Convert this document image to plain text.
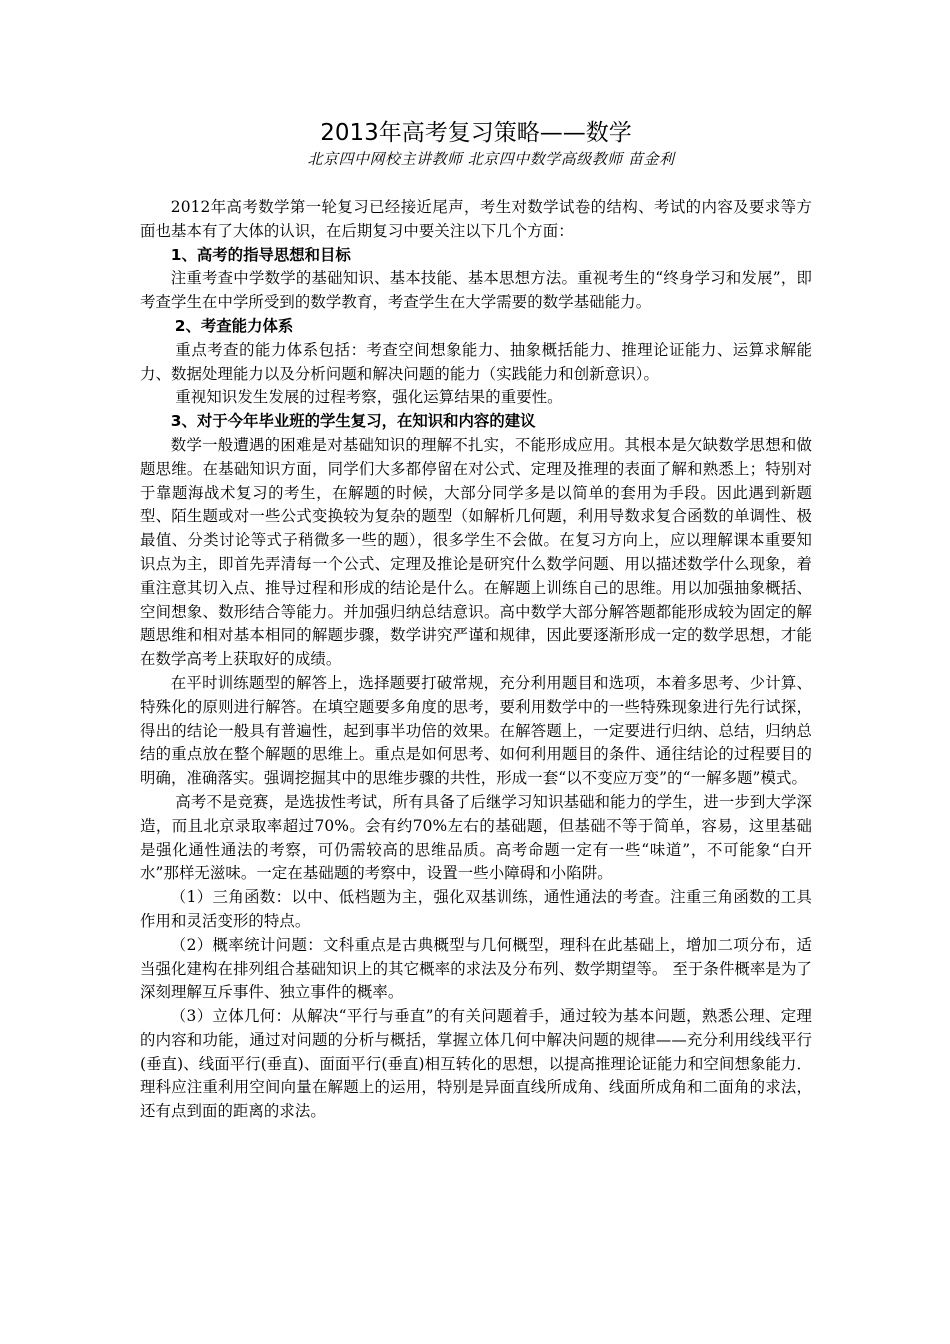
2013年高考复习策略——数学

北京四中网校主讲教师 北京四中数学高级教师 苗金利

2012年高考数学第一轮复习已经接近尾声，考生对数学试卷的结构、考试的内容及要求等方面也基本有了大体的认识，在后期复习中要关注以下几个方面：

1、高考的指导思想和目标

注重考查中学数学的基础知识、基本技能、基本思想方法。重视考生的“终身学习和发展”，即考查学生在中学所受到的数学教育，考查学生在大学需要的数学基础能力。

2、考查能力体系

重点考查的能力体系包括：考查空间想象能力、抽象概括能力、推理论证能力、运算求解能力、数据处理能力以及分析问题和解决问题的能力（实践能力和创新意识）。

重视知识发生发展的过程考察，强化运算结果的重要性。

3、对于今年毕业班的学生复习，在知识和内容的建议

数学一般遭遇的困难是对基础知识的理解不扎实，不能形成应用。其根本是欠缺数学思想和做题思维。在基础知识方面，同学们大多都停留在对公式、定理及推理的表面了解和熟悉上；特别对于靠题海战术复习的考生，在解题的时候，大部分同学多是以简单的套用为手段。因此遇到新题型、陌生题或对一些公式变换较为复杂的题型（如解析几何题，利用导数求复合函数的单调性、极最值、分类讨论等式子稍微多一些的题），很多学生不会做。在复习方向上，应以理解课本重要知识点为主，即首先弄清每一个公式、定理及推论是研究什么数学问题、用以描述数学什么现象，着重注意其切入点、推导过程和形成的结论是什么。在解题上训练自己的思维。用以加强抽象概括、空间想象、数形结合等能力。并加强归纳总结意识。高中数学大部分解答题都能形成较为固定的解题思维和相对基本相同的解题步骤，数学讲究严谨和规律，因此要逐渐形成一定的数学思想，才能在数学高考上获取好的成绩。

在平时训练题型的解答上，选择题要打破常规，充分利用题目和选项，本着多思考、少计算、特殊化的原则进行解答。在填空题要多角度的思考，要利用数学中的一些特殊现象进行先行试探，得出的结论一般具有普遍性，起到事半功倍的效果。在解答题上，一定要进行归纳、总结，归纳总结的重点放在整个解题的思维上。重点是如何思考、如何利用题目的条件、通往结论的过程要目的明确，准确落实。强调挖掘其中的思维步骤的共性，形成一套“以不变应万变”的“一解多题”模式。

高考不是竞赛，是选拔性考试，所有具备了后继学习知识基础和能力的学生，进一步到大学深造，而且北京录取率超过70%。会有约70%左右的基础题，但基础不等于简单，容易，这里基础是强化通性通法的考察，可仍需较高的思维品质。高考命题一定有一些“味道”，不可能象“白开水”那样无滋味。一定在基础题的考察中，设置一些小障碍和小陷阱。

（1）三角函数：以中、低档题为主，强化双基训练，通性通法的考查。注重三角函数的工具作用和灵活变形的特点。

（2）概率统计问题：文科重点是古典概型与几何概型，理科在此基础上，增加二项分布，适当强化建构在排列组合基础知识上的其它概率的求法及分布列、数学期望等。 至于条件概率是为了深刻理解互斥事件、独立事件的概率。

（3）立体几何：从解决“平行与垂直”的有关问题着手，通过较为基本问题，熟悉公理、定理的内容和功能，通过对问题的分析与概括，掌握立体几何中解决问题的规律——充分利用线线平行(垂直)、线面平行(垂直)、面面平行(垂直)相互转化的思想，以提高推理论证能力和空间想象能力．理科应注重利用空间向量在解题上的运用，特别是异面直线所成角、线面所成角和二面角的求法，还有点到面的距离的求法。
